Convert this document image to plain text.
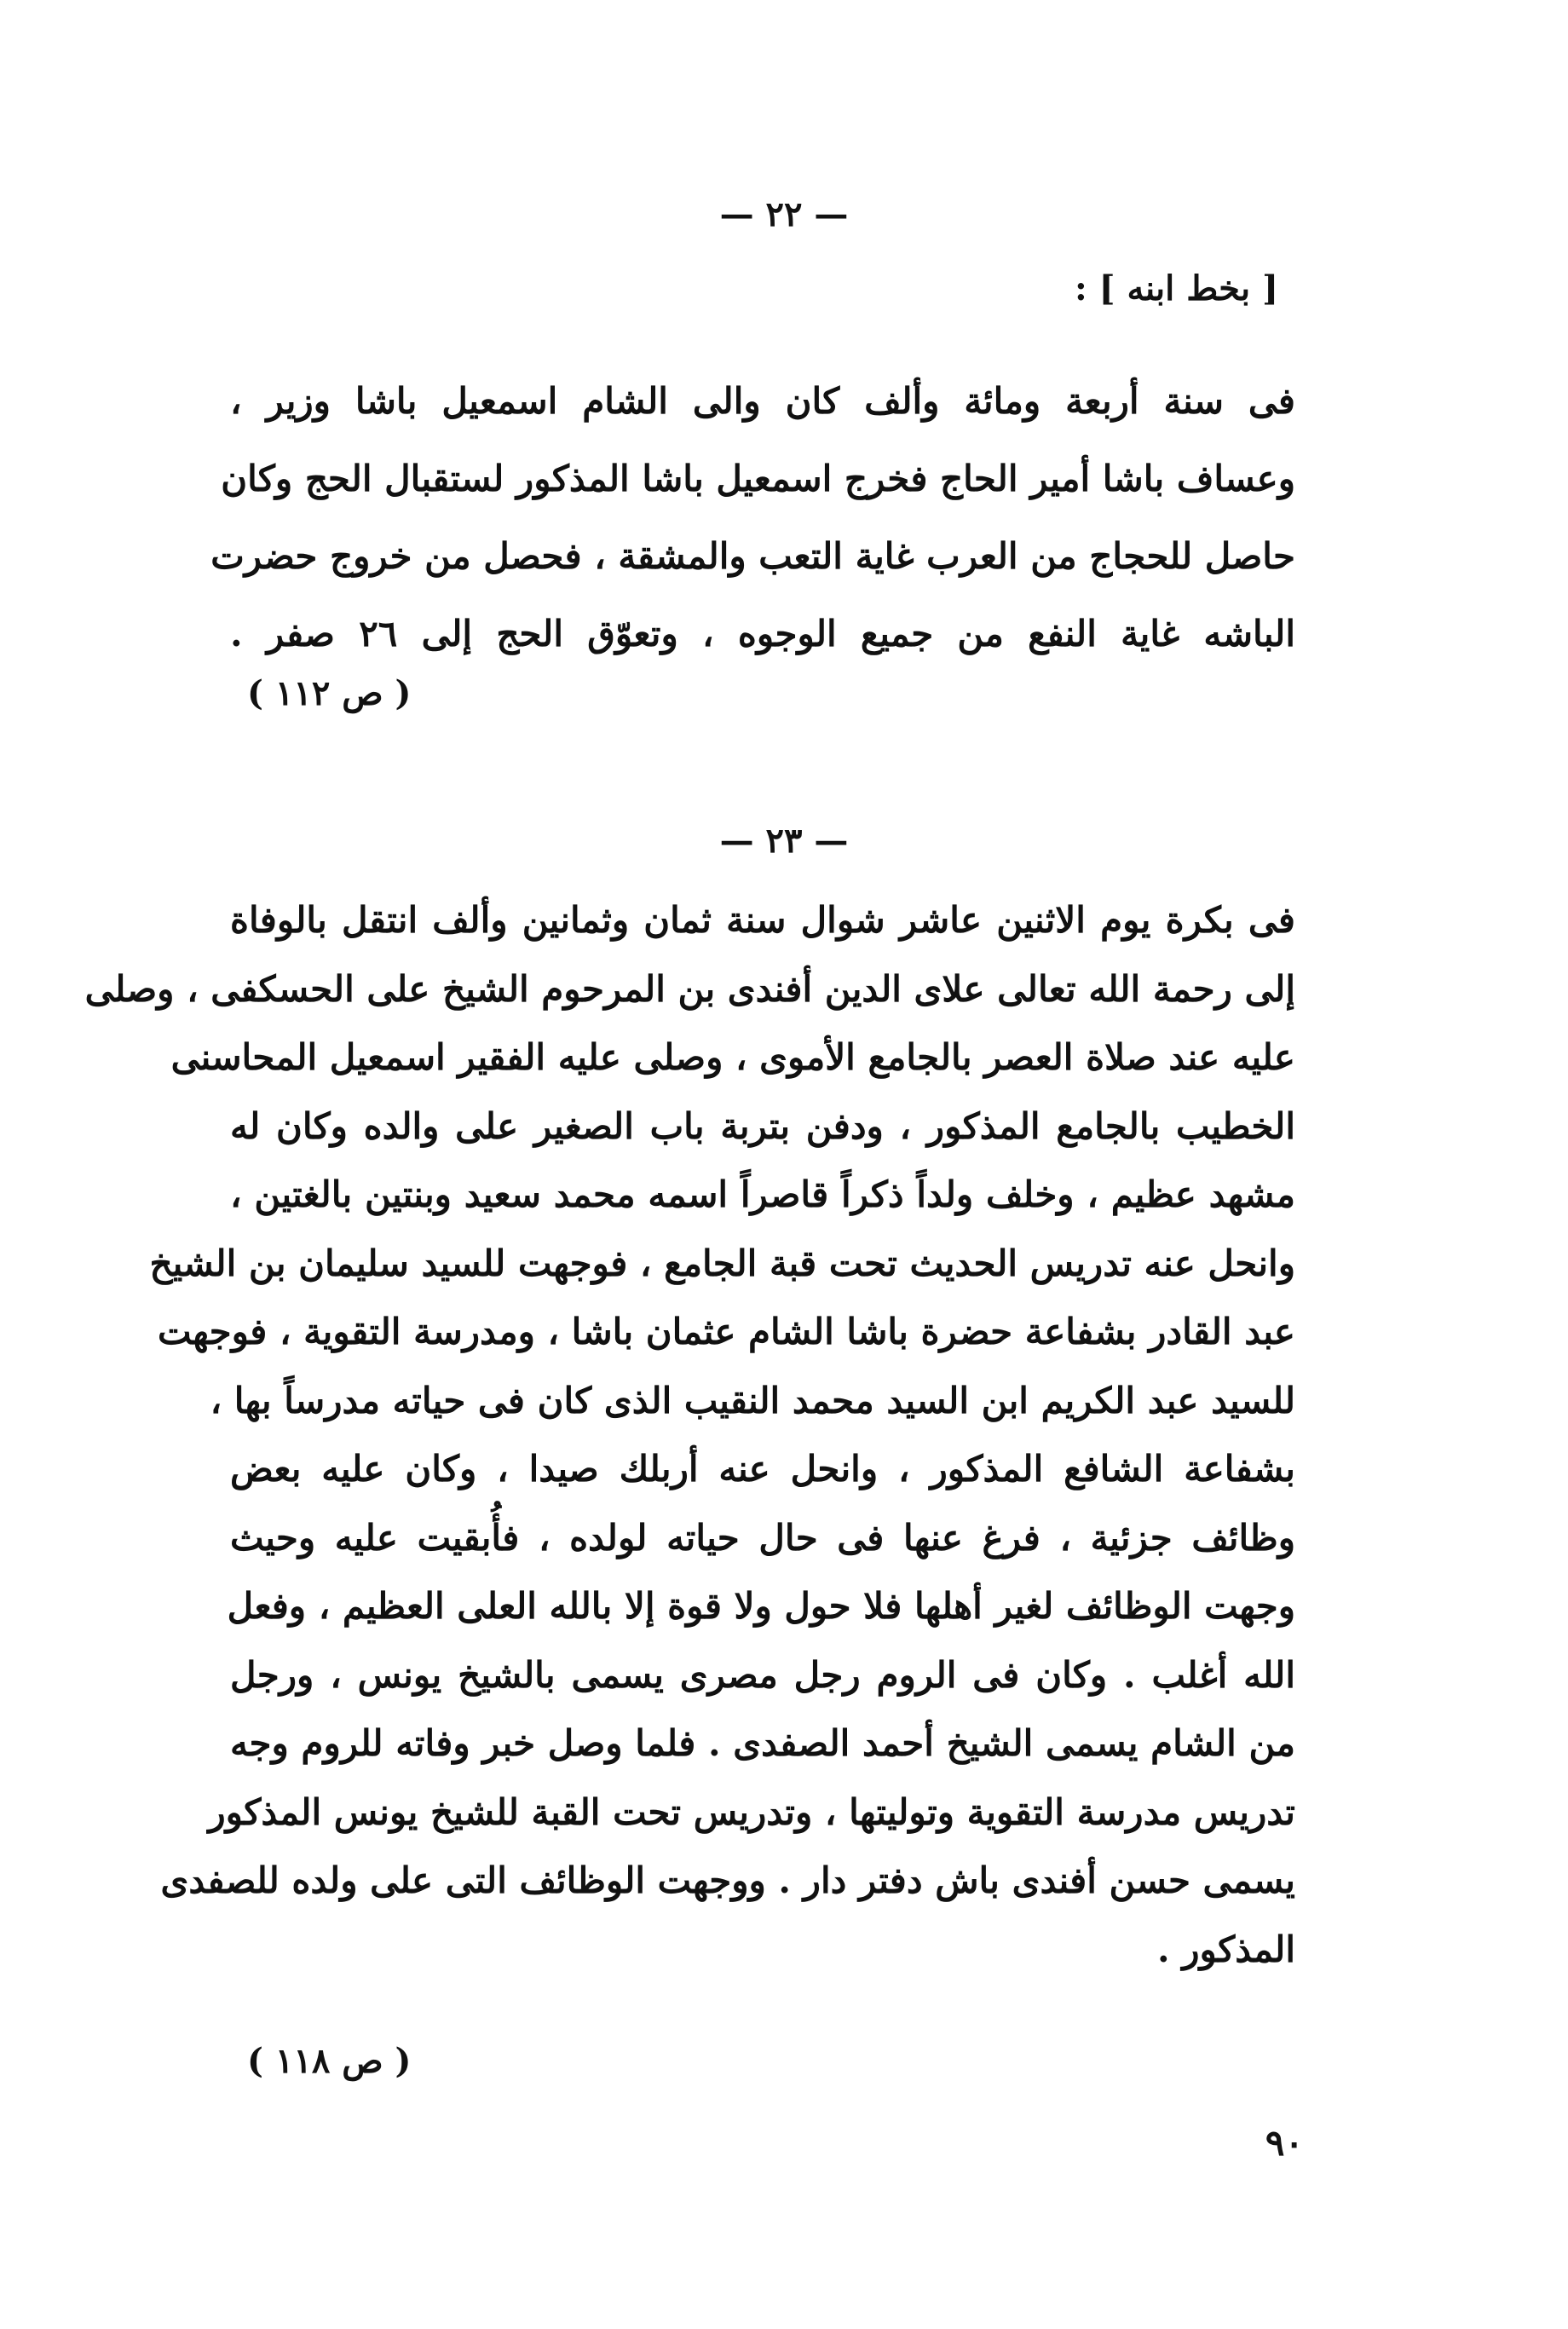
— ٢٢ —
[ بخط ابنه ] :
فى سنة أربعة ومائة وألف كان والى الشام اسمعيل باشا وزير ،
وعساف باشا أمير الحاج فخرج اسمعيل باشا المذكور لستقبال الحج وكان
حاصل للحجاج من العرب غاية التعب والمشقة ، فحصل من خروج حضرت
الباشه غاية النفع من جميع الوجوه ، وتعوّق الحج إلى ٢٦ صفر .
( ص ١١٢ )
— ٢٣ —
فى بكرة يوم الاثنين عاشر شوال سنة ثمان وثمانين وألف انتقل بالوفاة
إلى رحمة الله تعالى علاى الدين أفندى بن المرحوم الشيخ على الحسكفى ، وصلى
عليه عند صلاة العصر بالجامع الأموى ، وصلى عليه الفقير اسمعيل المحاسنى
الخطيب بالجامع المذكور ، ودفن بتربة باب الصغير على والده وكان له
مشهد عظيم ، وخلف ولداً ذكراً قاصراً اسمه محمد سعيد وبنتين بالغتين ،
وانحل عنه تدريس الحديث تحت قبة الجامع ، فوجهت للسيد سليمان بن الشيخ
عبد القادر بشفاعة حضرة باشا الشام عثمان باشا ، ومدرسة التقوية ، فوجهت
للسيد عبد الكريم ابن السيد محمد النقيب الذى كان فى حياته مدرساً بها ،
بشفاعة الشافع المذكور ، وانحل عنه أربلك صيدا ، وكان عليه بعض
وظائف جزئية ، فرغ عنها فى حال حياته لولده ، فأُبقيت عليه وحيث
وجهت الوظائف لغير أهلها فلا حول ولا قوة إلا بالله العلى العظيم ، وفعل
الله أغلب . وكان فى الروم رجل مصرى يسمى بالشيخ يونس ، ورجل
من الشام يسمى الشيخ أحمد الصفدى . فلما وصل خبر وفاته للروم وجه
تدريس مدرسة التقوية وتوليتها ، وتدريس تحت القبة للشيخ يونس المذكور
يسمى حسن أفندى باش دفتر دار . ووجهت الوظائف التى على ولده للصفدى
المذكور .
( ص ١١٨ )
٩٠
